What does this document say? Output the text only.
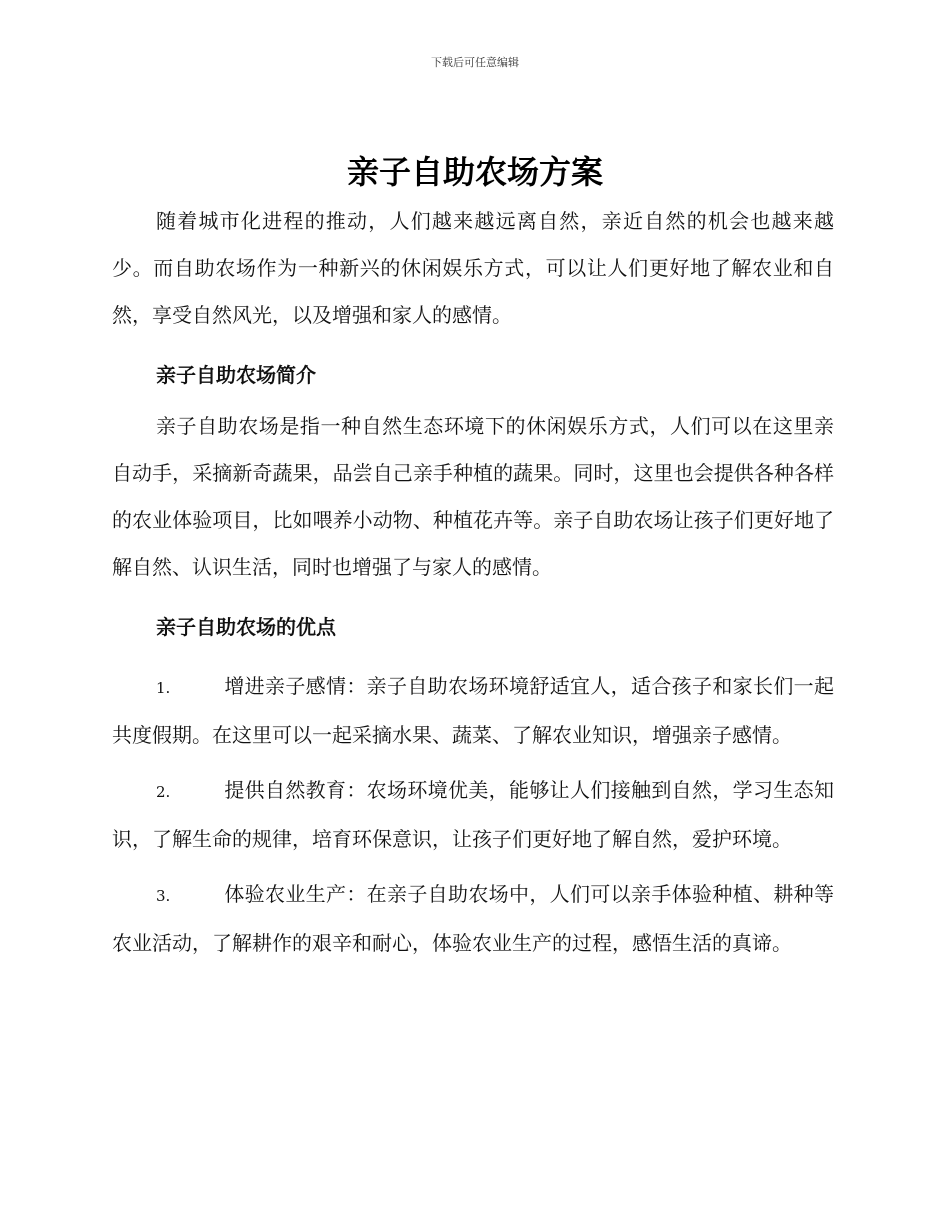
下载后可任意编辑
亲子自助农场方案

随着城市化进程的推动，人们越来越远离自然，亲近自然的机会也越来越少。而自助农场作为一种新兴的休闲娱乐方式，可以让人们更好地了解农业和自然，享受自然风光，以及增强和家人的感情。

亲子自助农场简介

亲子自助农场是指一种自然生态环境下的休闲娱乐方式，人们可以在这里亲自动手，采摘新奇蔬果，品尝自己亲手种植的蔬果。同时，这里也会提供各种各样的农业体验项目，比如喂养小动物、种植花卉等。亲子自助农场让孩子们更好地了解自然、认识生活，同时也增强了与家人的感情。

亲子自助农场的优点
1.	增进亲子感情：亲子自助农场环境舒适宜人，适合孩子和家长们一起共度假期。在这里可以一起采摘水果、蔬菜、了解农业知识，增强亲子感情。
2.	提供自然教育：农场环境优美，能够让人们接触到自然，学习生态知识，了解生命的规律，培育环保意识，让孩子们更好地了解自然，爱护环境。
3.	体验农业生产：在亲子自助农场中，人们可以亲手体验种植、耕种等农业活动，了解耕作的艰辛和耐心，体验农业生产的过程，感悟生活的真谛。
